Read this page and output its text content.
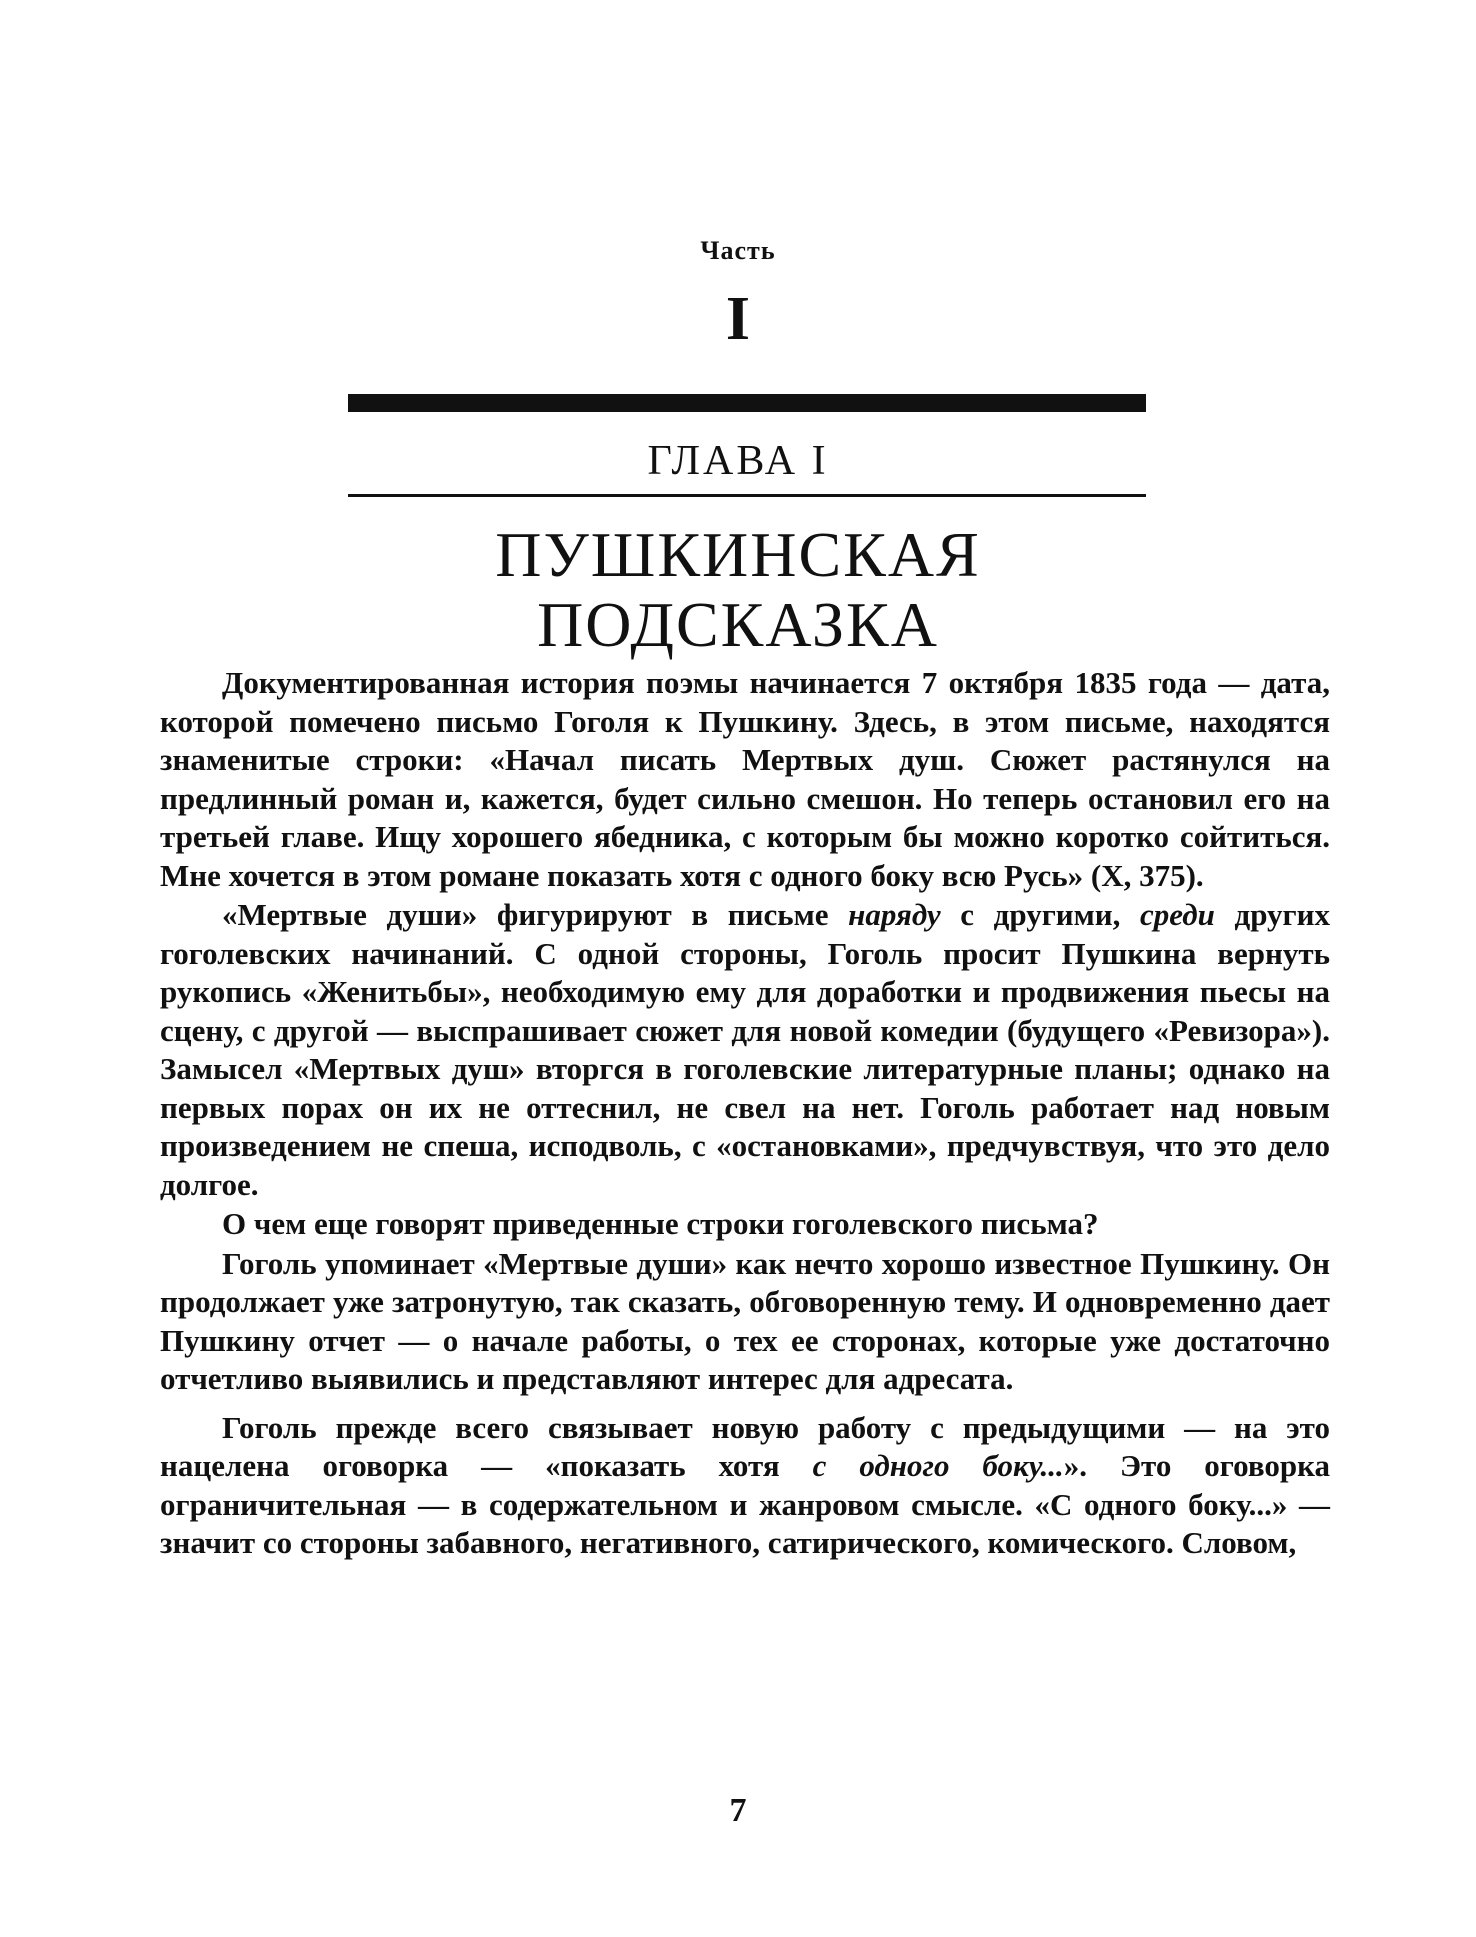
Часть
I
ГЛАВА I
ПУШКИНСКАЯ
ПОДСКАЗКА

Документированная история поэмы начинается 7 октября 1835 года — дата, которой помечено письмо Гоголя к Пушкину. Здесь, в этом письме, находятся знаменитые строки: «Начал писать Мертвых душ. Сюжет растянулся на предлинный роман и, кажется, будет сильно смешон. Но теперь остановил его на третьей главе. Ищу хорошего ябедника, с которым бы можно коротко сойтиться. Мне хочется в этом романе показать хотя с одного боку всю Русь» (X, 375).

«Мертвые души» фигурируют в письме наряду с другими, среди других гоголевских начинаний. С одной стороны, Гоголь просит Пушкина вернуть рукопись «Женитьбы», необходимую ему для доработки и продвижения пьесы на сцену, с другой — выспрашивает сюжет для новой комедии (будущего «Ревизора»). Замысел «Мертвых душ» вторгся в гоголевские литературные планы; однако на первых порах он их не оттеснил, не свел на нет. Гоголь работает над новым произведением не спеша, исподволь, с «остановками», предчувствуя, что это дело долгое.

О чем еще говорят приведенные строки гоголевского письма?

Гоголь упоминает «Мертвые души» как нечто хорошо известное Пушкину. Он продолжает уже затронутую, так сказать, обговоренную тему. И одновременно дает Пушкину отчет — о начале работы, о тех ее сторонах, которые уже достаточно отчетливо выявились и представляют интерес для адресата.

Гоголь прежде всего связывает новую работу с предыдущими — на это нацелена оговорка — «показать хотя с одного боку...». Это оговорка ограничительная — в содержательном и жанровом смысле. «С одного боку...» — значит со стороны забавного, негативного, сатирического, комического. Словом,

7
